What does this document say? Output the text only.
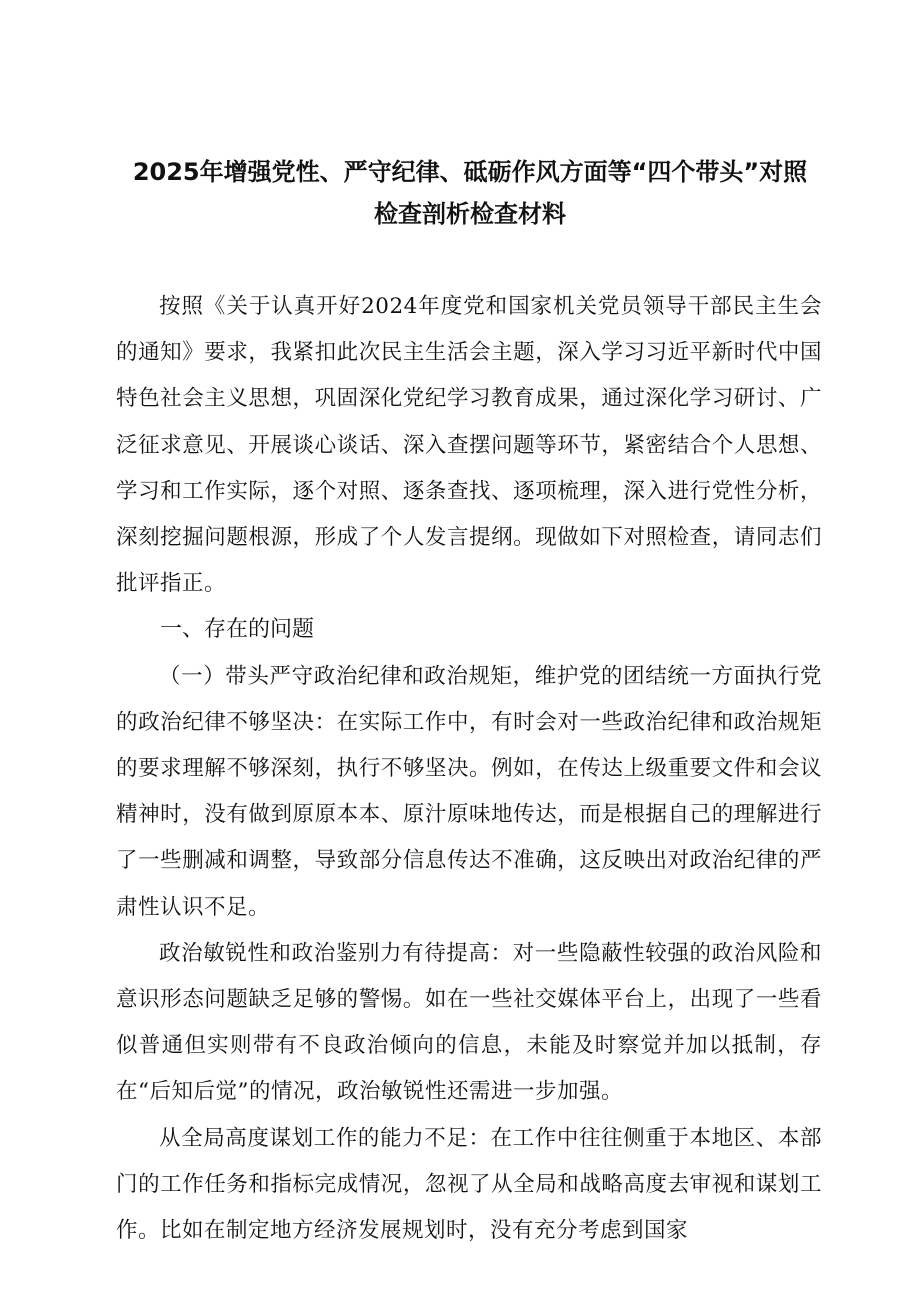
2025年增强党性、严守纪律、砥砺作风方面等“四个带头”对照
检查剖析检查材料

按照《关于认真开好2024年度党和国家机关党员领导干部民主生会的通知》要求，我紧扣此次民主生活会主题，深入学习习近平新时代中国特色社会主义思想，巩固深化党纪学习教育成果，通过深化学习研讨、广泛征求意见、开展谈心谈话、深入查摆问题等环节，紧密结合个人思想、学习和工作实际，逐个对照、逐条查找、逐项梳理，深入进行党性分析，深刻挖掘问题根源，形成了个人发言提纲。现做如下对照检查，请同志们批评指正。

一、存在的问题

（一）带头严守政治纪律和政治规矩，维护党的团结统一方面执行党的政治纪律不够坚决：在实际工作中，有时会对一些政治纪律和政治规矩的要求理解不够深刻，执行不够坚决。例如，在传达上级重要文件和会议精神时，没有做到原原本本、原汁原味地传达，而是根据自己的理解进行了一些删减和调整，导致部分信息传达不准确，这反映出对政治纪律的严肃性认识不足。

政治敏锐性和政治鉴别力有待提高：对一些隐蔽性较强的政治风险和意识形态问题缺乏足够的警惕。如在一些社交媒体平台上，出现了一些看似普通但实则带有不良政治倾向的信息，未能及时察觉并加以抵制，存在“后知后觉”的情况，政治敏锐性还需进一步加强。

从全局高度谋划工作的能力不足：在工作中往往侧重于本地区、本部门的工作任务和指标完成情况，忽视了从全局和战略高度去审视和谋划工作。比如在制定地方经济发展规划时，没有充分考虑到国家
